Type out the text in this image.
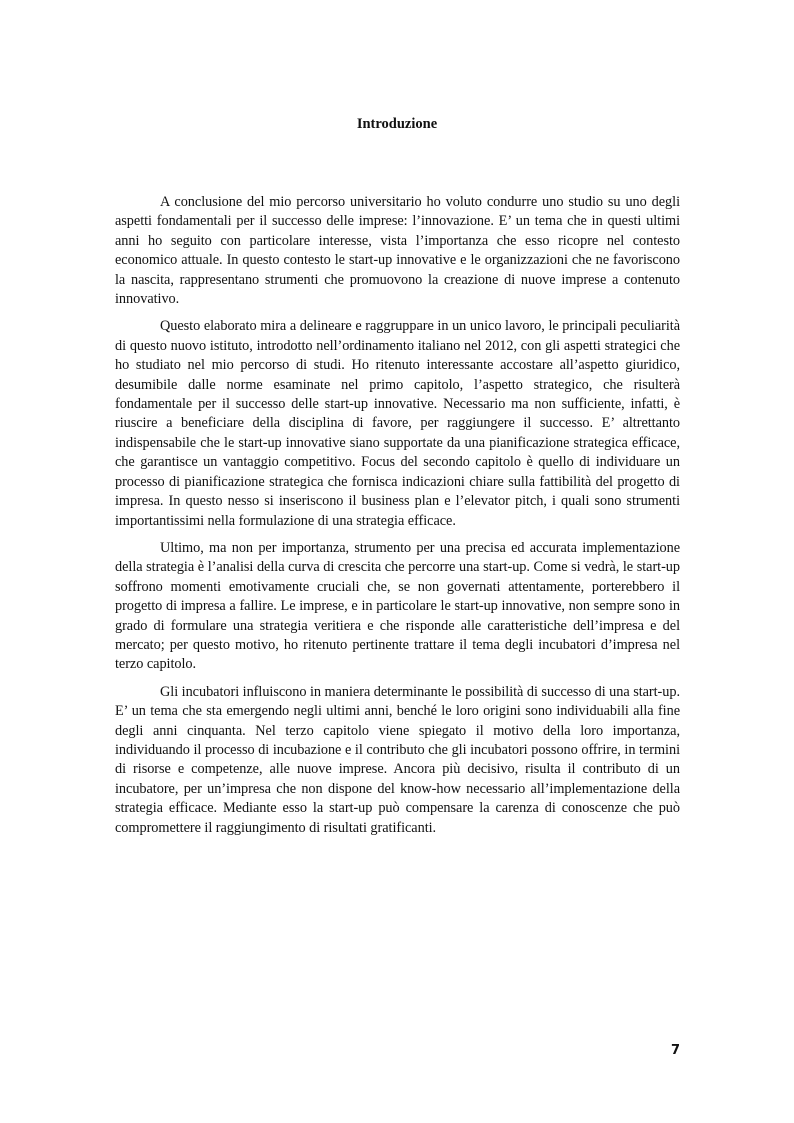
Introduzione

A conclusione del mio percorso universitario ho voluto condurre uno studio su uno degli aspetti fondamentali per il successo delle imprese: l’innovazione. E’ un tema che in questi ultimi anni ho seguito con particolare interesse, vista l’importanza che esso ricopre nel contesto economico attuale. In questo contesto le start-up innovative e le organizzazioni che ne favoriscono la nascita, rappresentano strumenti che promuovono la creazione di nuove imprese a contenuto innovativo.

Questo elaborato mira a delineare e raggruppare in un unico lavoro, le principali peculiarità di questo nuovo istituto, introdotto nell’ordinamento italiano nel 2012, con gli aspetti strategici che ho studiato nel mio percorso di studi. Ho ritenuto interessante accostare all’aspetto giuridico, desumibile dalle norme esaminate nel primo capitolo, l’aspetto strategico, che risulterà fondamentale per il successo delle start-up innovative. Necessario ma non sufficiente, infatti, è riuscire a beneficiare della disciplina di favore, per raggiungere il successo. E’ altrettanto indispensabile che le start-up innovative siano supportate da una pianificazione strategica efficace, che garantisce un vantaggio competitivo. Focus del secondo capitolo è quello di individuare un processo di pianificazione strategica che fornisca indicazioni chiare sulla fattibilità del progetto di impresa. In questo nesso si inseriscono il business plan e l’elevator pitch, i quali sono strumenti importantissimi nella formulazione di una strategia efficace.

Ultimo, ma non per importanza, strumento per una precisa ed accurata implementazione della strategia è l’analisi della curva di crescita che percorre una start-up. Come si vedrà, le start-up soffrono momenti emotivamente cruciali che, se non governati attentamente, porterebbero il progetto di impresa a fallire. Le imprese, e in particolare le start-up innovative, non sempre sono in grado di formulare una strategia veritiera e che risponde alle caratteristiche dell’impresa e del mercato; per questo motivo, ho ritenuto pertinente trattare il tema degli incubatori d’impresa nel terzo capitolo.

Gli incubatori influiscono in maniera determinante le possibilità di successo di una start-up. E’ un tema che sta emergendo negli ultimi anni, benché le loro origini sono individuabili alla fine degli anni cinquanta. Nel terzo capitolo viene spiegato il motivo della loro importanza, individuando il processo di incubazione e il contributo che gli incubatori possono offrire, in termini di risorse e competenze, alle nuove imprese. Ancora più decisivo, risulta il contributo di un incubatore, per un’impresa che non dispone del know-how necessario all’implementazione della strategia efficace. Mediante esso la start-up può compensare la carenza di conoscenze che può compromettere il raggiungimento di risultati gratificanti.

7
